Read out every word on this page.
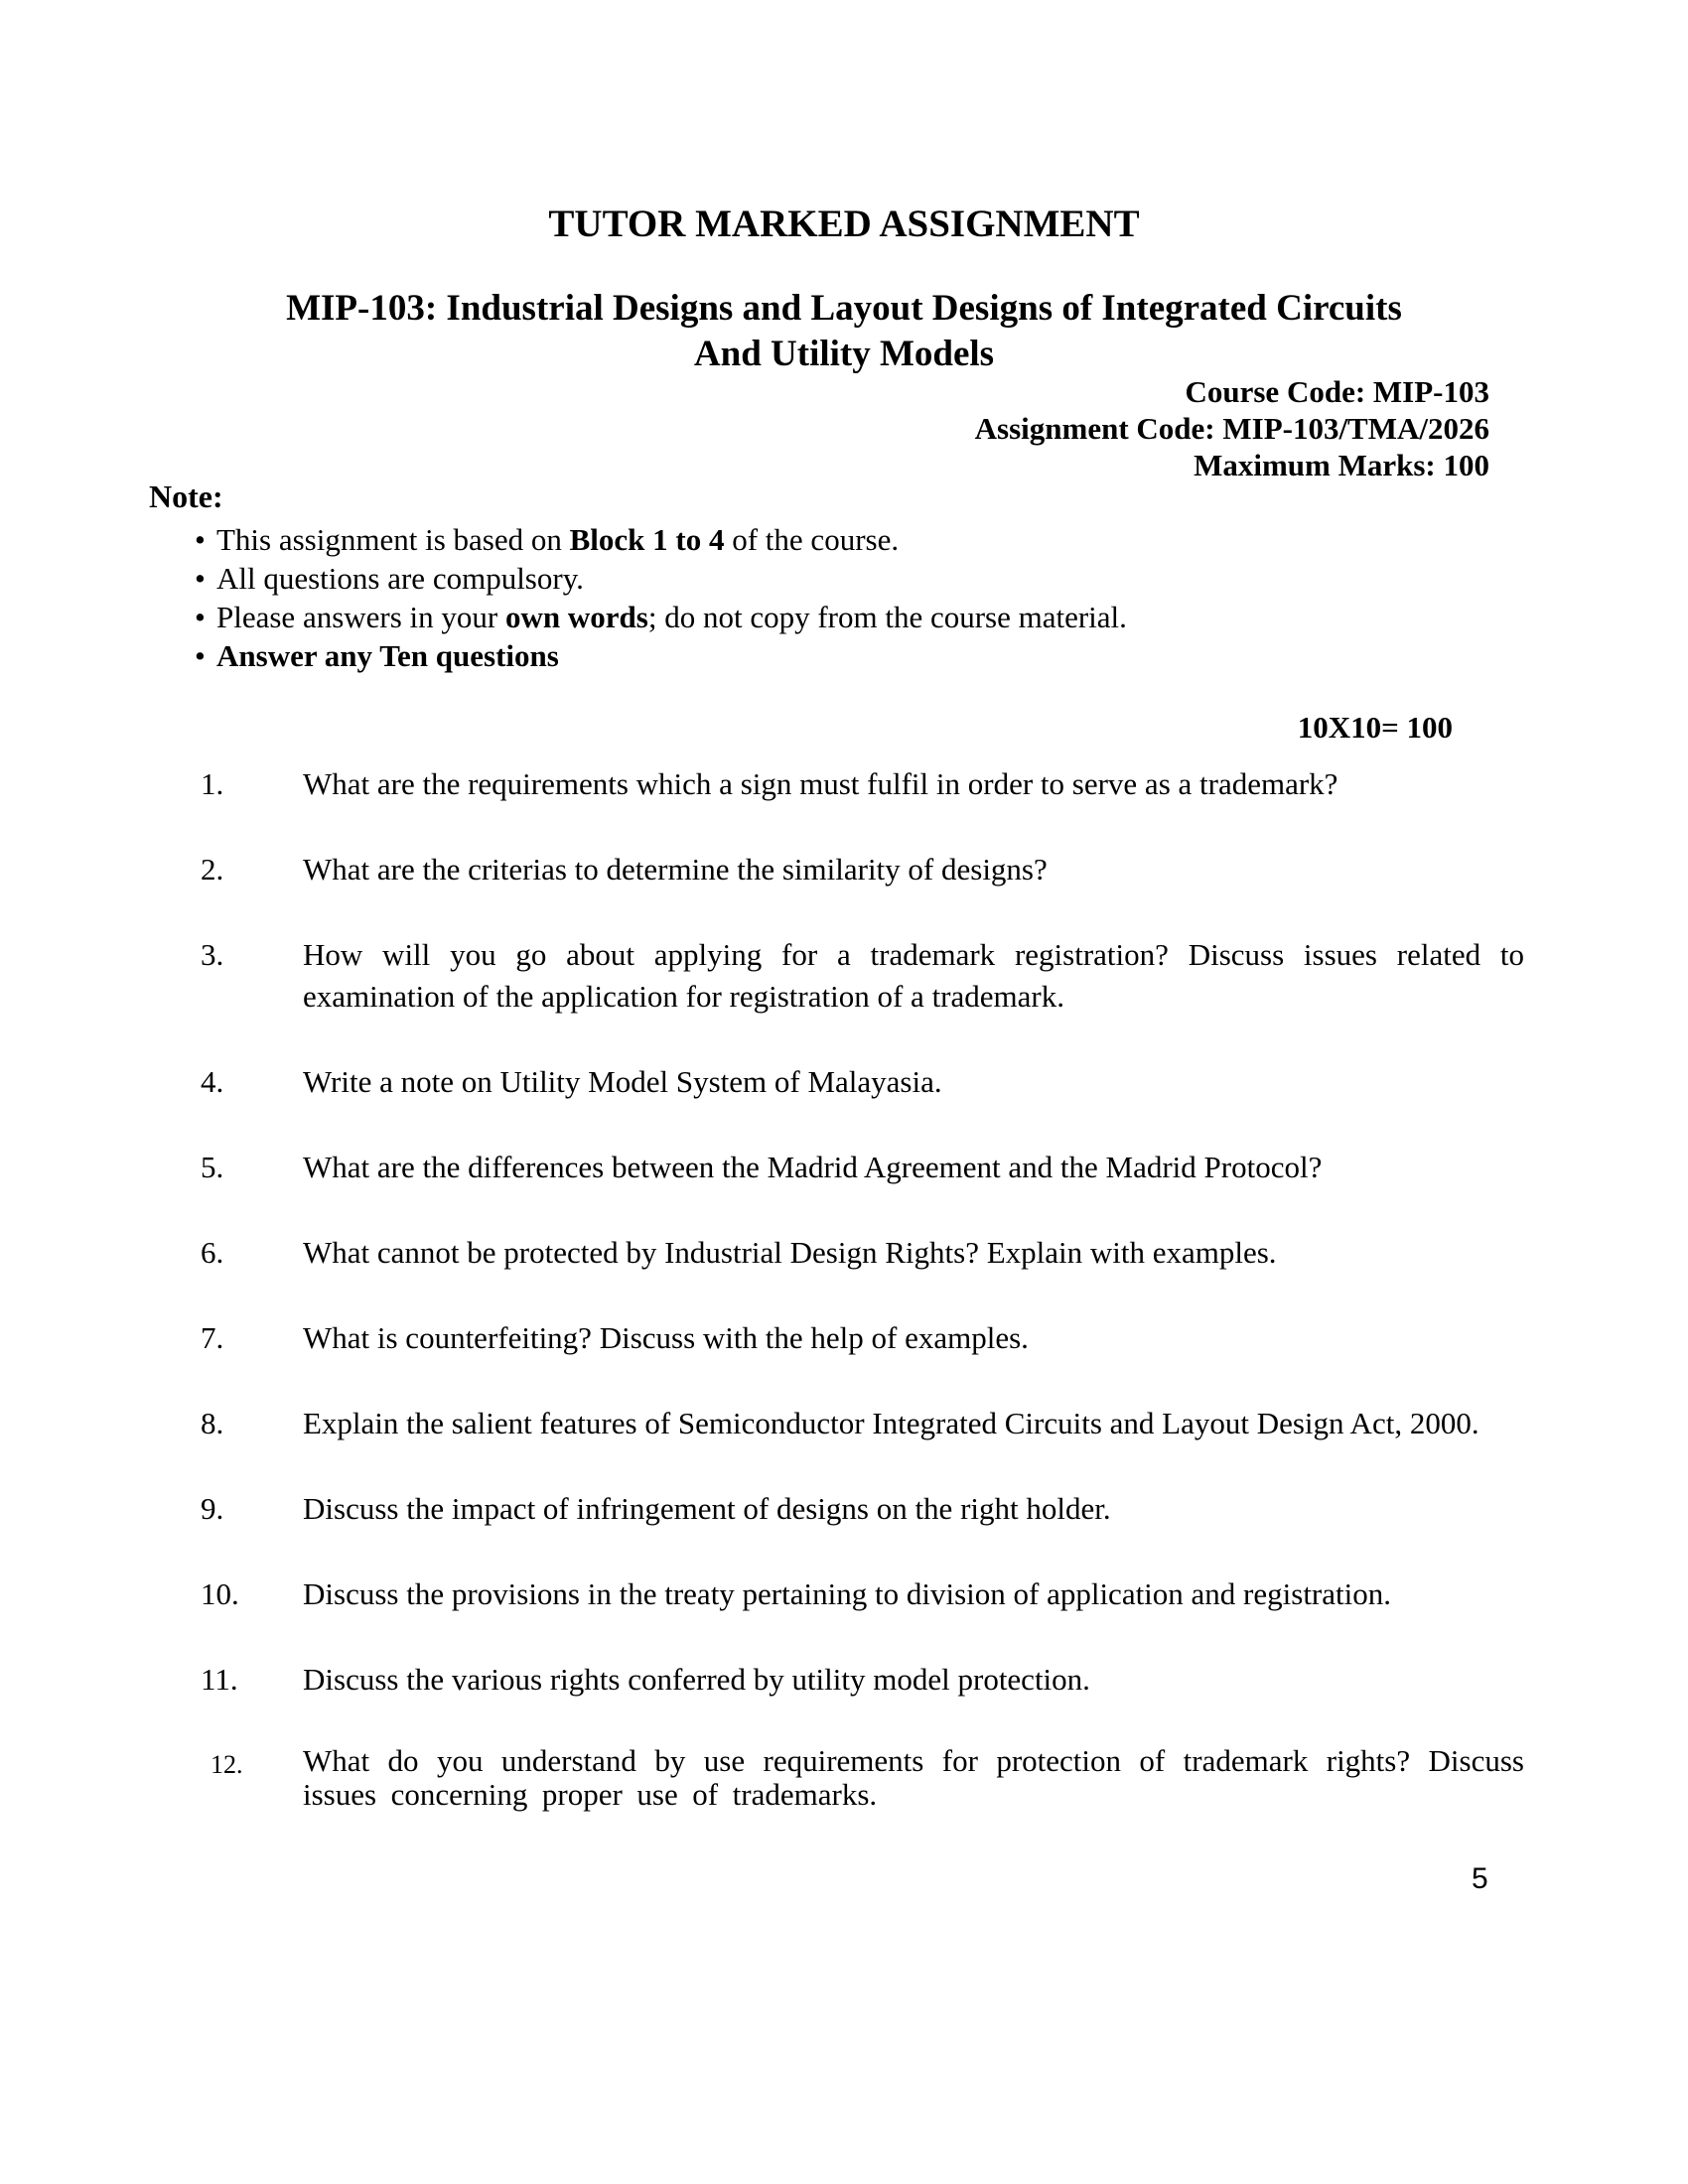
TUTOR MARKED ASSIGNMENT
MIP-103: Industrial Designs and Layout Designs of Integrated Circuits
And Utility Models
Course Code: MIP-103
Assignment Code: MIP-103/TMA/2026
Maximum Marks: 100
Note:
• This assignment is based on Block 1 to 4 of the course.
• All questions are compulsory.
• Please answers in your own words; do not copy from the course material.
• Answer any Ten questions
10X10= 100
1.	What are the requirements which a sign must fulfil in order to serve as a trademark?
2.	What are the criterias to determine the similarity of designs?
3.	How will you go about applying for a trademark registration? Discuss issues related to examination of the application for registration of a trademark.
4.	Write a note on Utility Model System of Malayasia.
5.	What are the differences between the Madrid Agreement and the Madrid Protocol?
6.	What cannot be protected by Industrial Design Rights? Explain with examples.
7.	What is counterfeiting? Discuss with the help of examples.
8.	Explain the salient features of Semiconductor Integrated Circuits and Layout Design Act, 2000.
9.	Discuss the impact of infringement of designs on the right holder.
10.	Discuss the provisions in the treaty pertaining to division of application and registration.
11.	Discuss the various rights conferred by utility model protection.
12.	What do you understand by use requirements for protection of trademark rights? Discuss issues concerning proper use of trademarks.
5
